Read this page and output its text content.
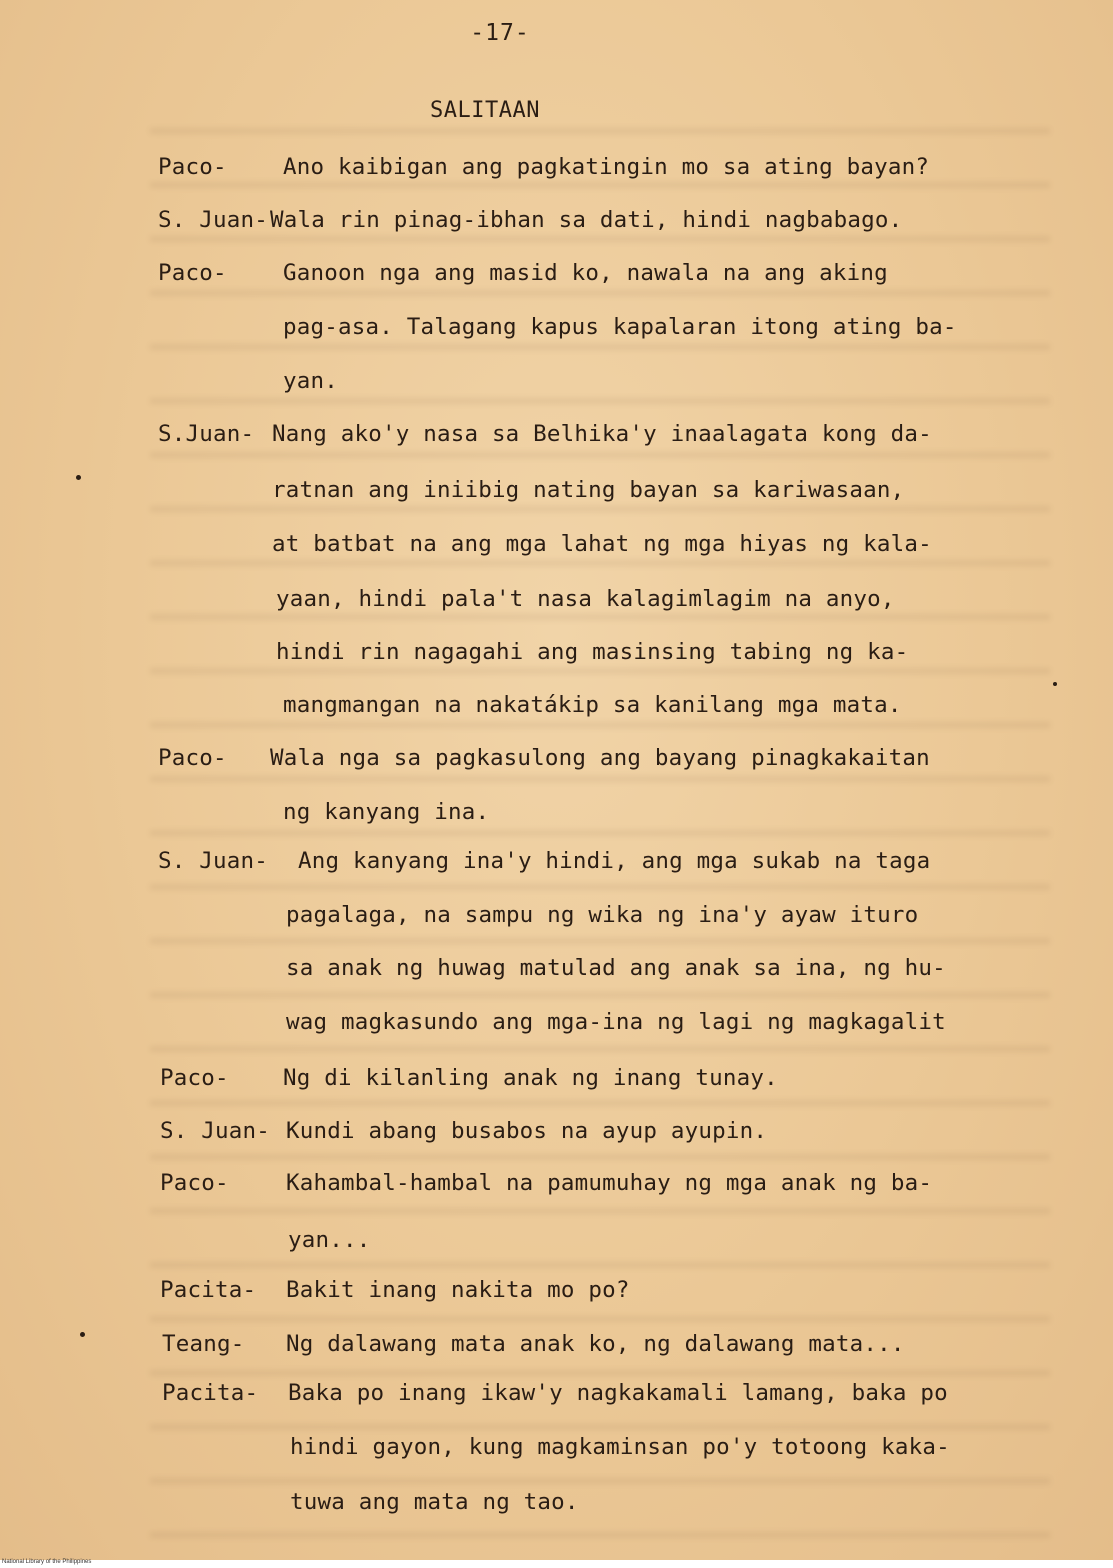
-17-
SALITAAN
Paco-	Ano kaibigan ang pagkatingin mo sa ating bayan?
S. Juan- Wala rin pinag-ibhan sa dati, hindi nagbabago.
Paco-	Ganoon nga ang masid ko, nawala na ang aking
pag-asa. Talagang kapus kapalaran itong ating ba-
yan.
S.Juan- Nang ako'y nasa sa Belhika'y inaalagata kong da-
ratnan ang iniibig nating bayan sa kariwasaan,
at batbat na ang mga lahat ng mga hiyas ng kala-
yaan, hindi pala't nasa kalagimlagim na anyo,
hindi rin nagagahi ang masinsing tabing ng ka-
mangmangan na nakatákip sa kanilang mga mata.
Paco- Wala nga sa pagkasulong ang bayang pinagkakaitan
ng kanyang ina.
S. Juan- Ang kanyang ina'y hindi, ang mga sukab na taga
pagalaga, na sampu ng wika ng ina'y ayaw ituro
sa anak ng huwag matulad ang anak sa ina, ng hu-
wag magkasundo ang mga-ina ng lagi ng magkagalit
Paco- Ng di kilanling anak ng inang tunay.
S. Juan- Kundi abang busabos na ayup ayupin.
Paco-	Kahambal-hambal na pamumuhay ng mga anak ng ba-
yan...
Pacita- Bakit inang nakita mo po?
Teang- Ng dalawang mata anak ko, ng dalawang mata...
Pacita- Baka po inang ikaw'y nagkakamali lamang, baka po
hindi gayon, kung magkaminsan po'y totoong kaka-
tuwa ang mata ng tao.
National Library of the Philippines
